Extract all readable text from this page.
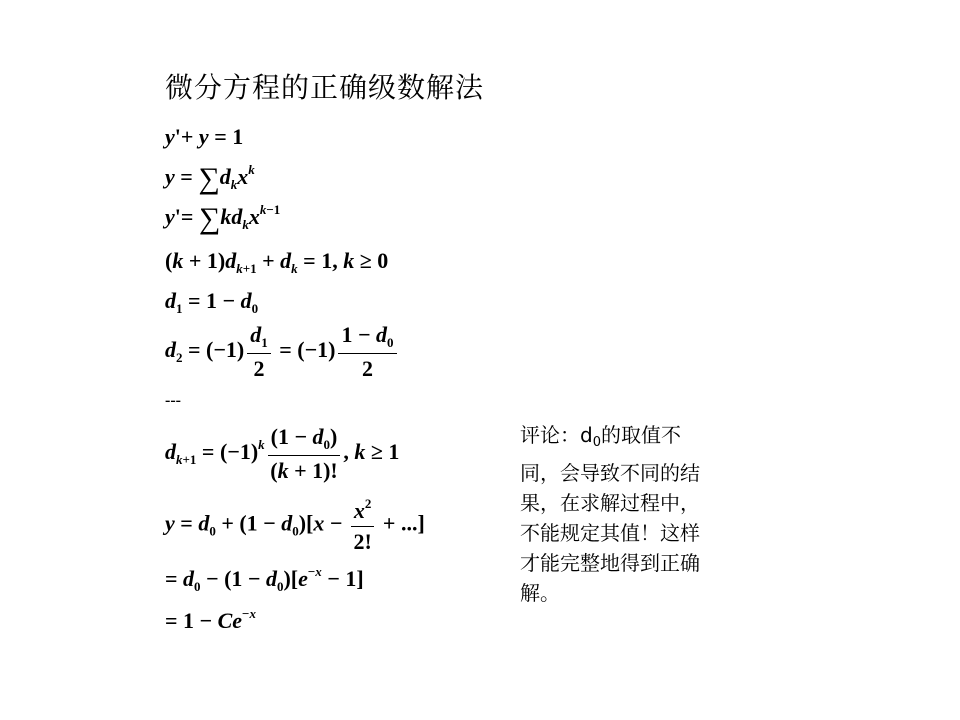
微分方程的正确级数解法
y'+ y = 1
$y = \sum d_kx^k$
$y'= \sum kd_kx^{k-1}$
$(k + 1)d_{k+1} + d_k = 1$, k ≥ 0
$d_1 = 1 - d_0$
$d_2 = (-1) \frac{d_1}{2} = (-1) \frac{1 - d_0}{2}$
---
$d_{k+1} = (-1)^k \frac{(1 - d_0)}{(k + 1)!}$ , k ≥ 1
$y = d_0 + (1 - d_0)[x - \frac{x^2}{2!}$ + ...]
= $d_0 - (1 - d_0)[e^{-x} - 1]$
= $1 - Ce^{-x}$
评论：$d_0$的取值不
同，会导致不同的结
果，在求解过程中，
不能规定其值！这样
才能完整地得到正确
解。
